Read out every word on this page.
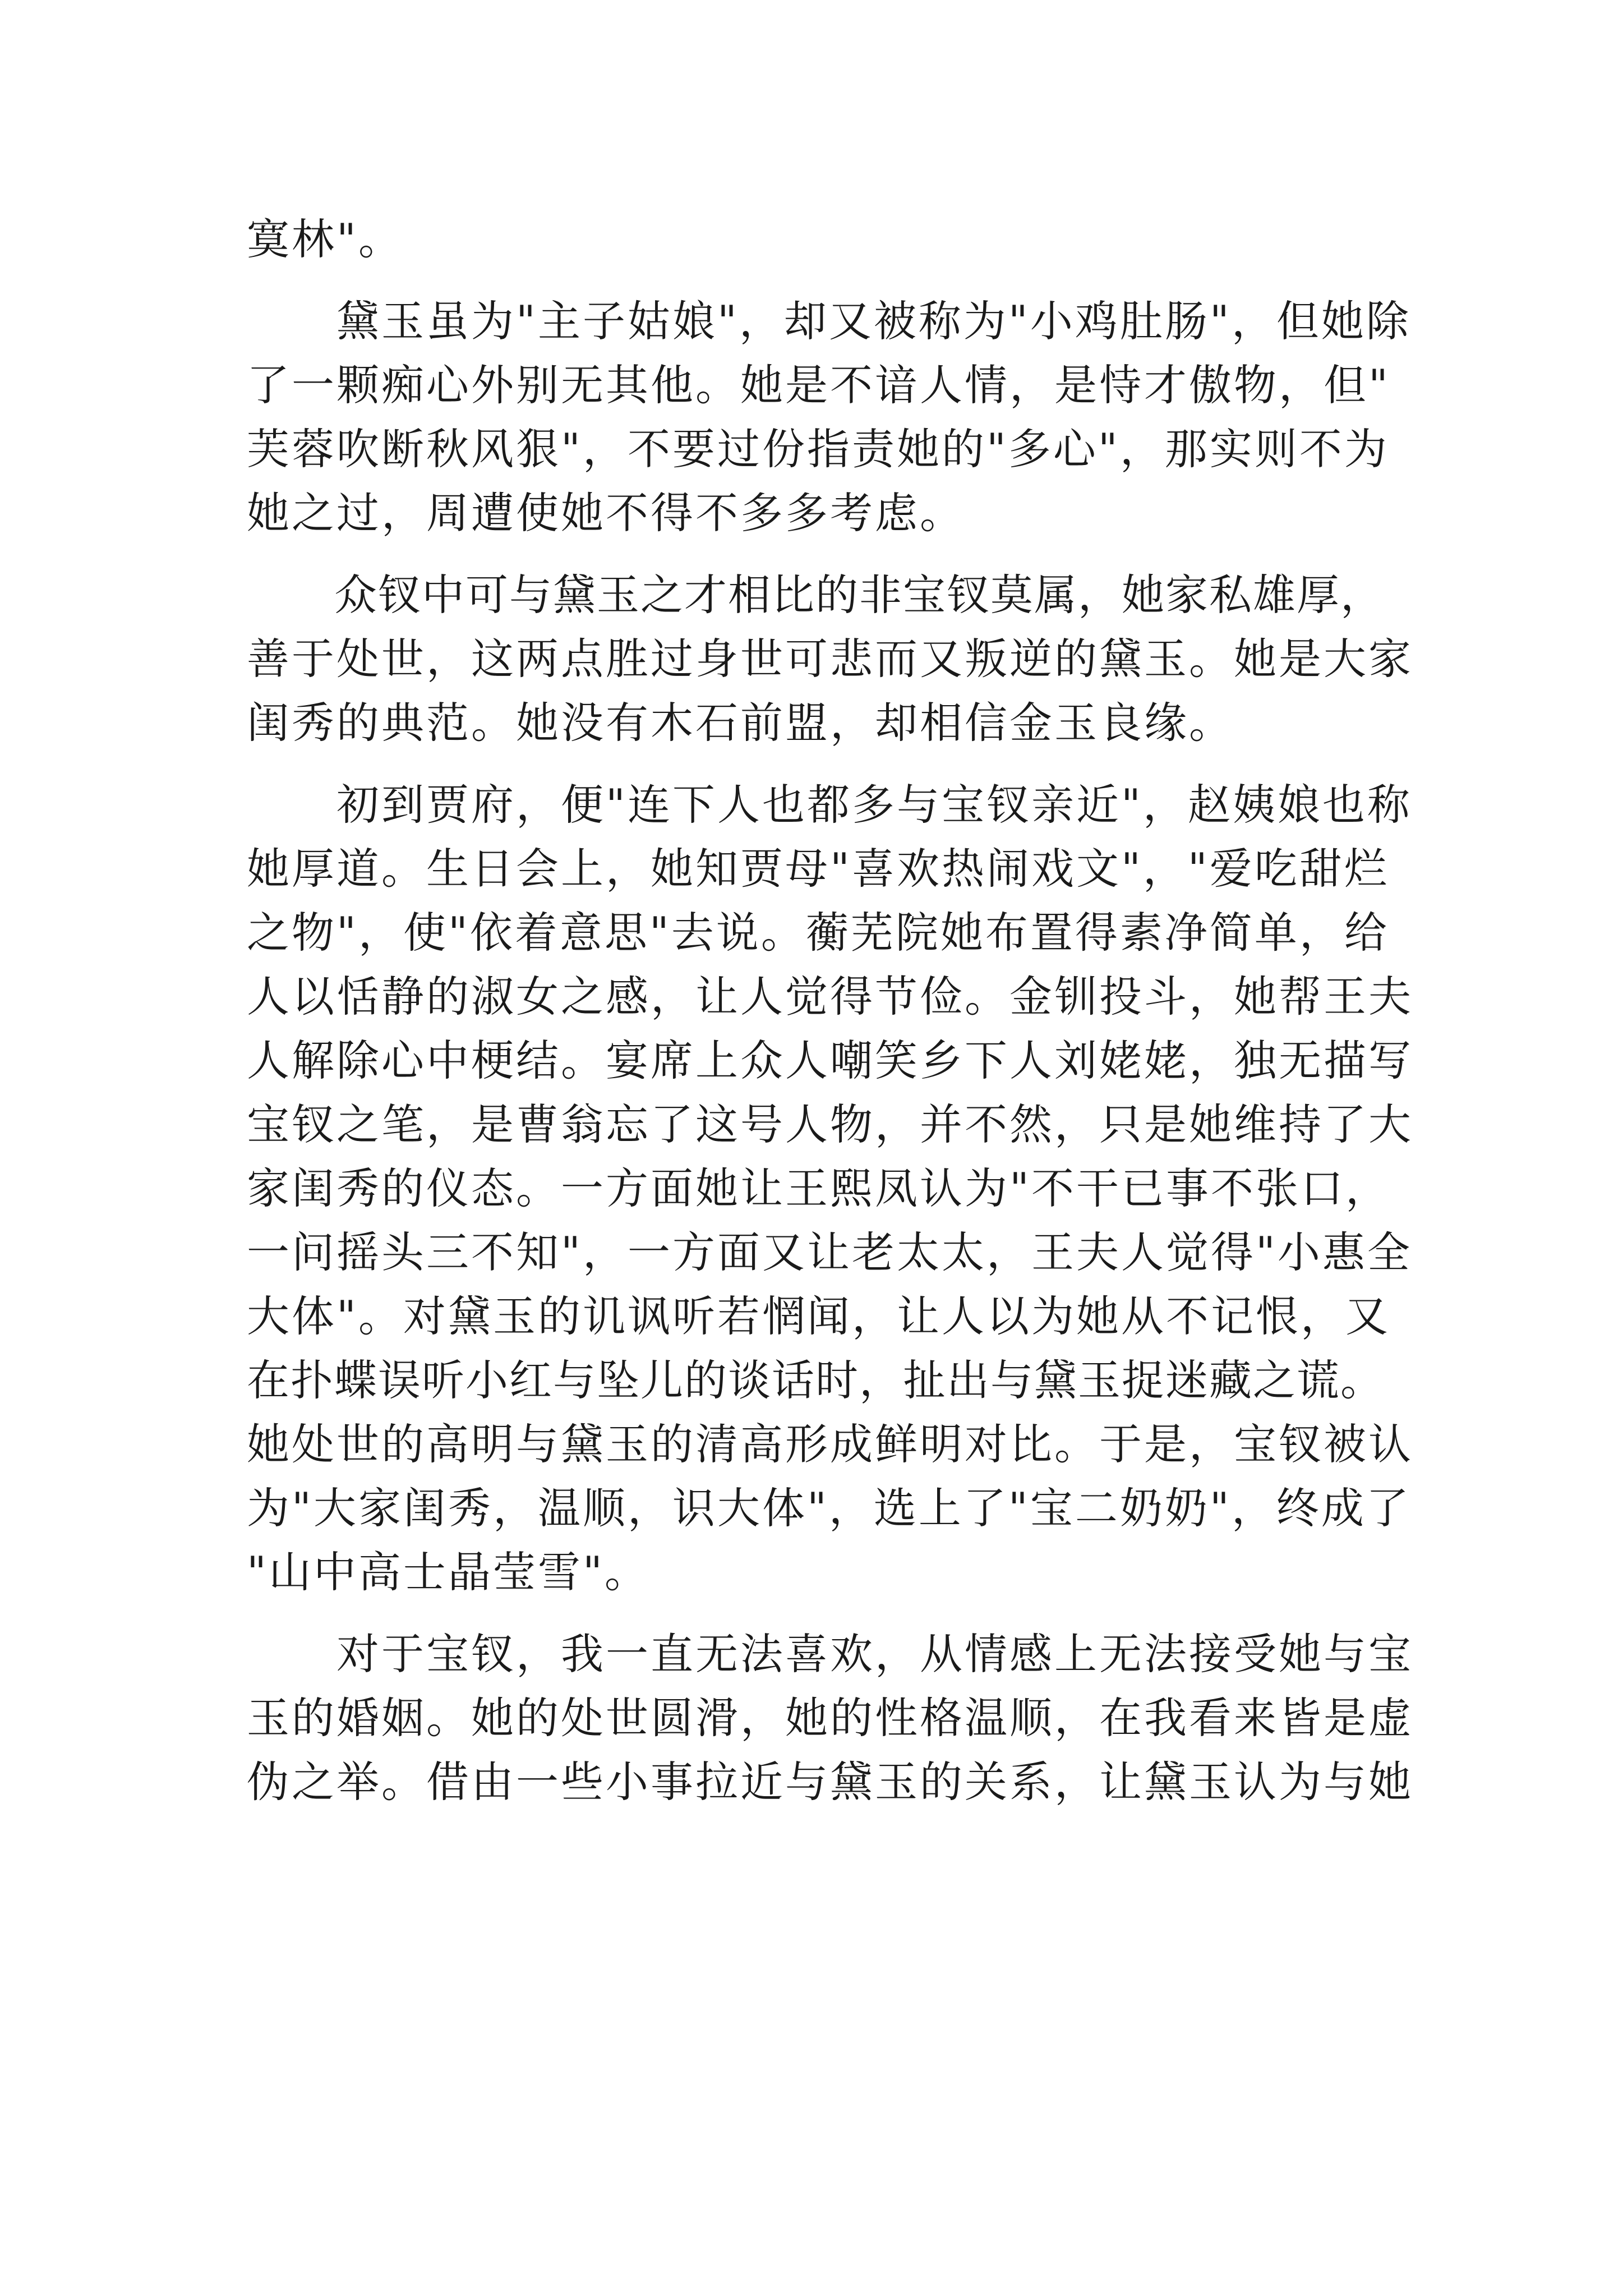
寞林"。
　　黛玉虽为"主子姑娘"，却又被称为"小鸡肚肠"，但她除
了一颗痴心外别无其他。她是不谙人情，是恃才傲物，但"
芙蓉吹断秋风狠"，不要过份指责她的"多心"，那实则不为
她之过，周遭使她不得不多多考虑。
　　众钗中可与黛玉之才相比的非宝钗莫属，她家私雄厚，
善于处世，这两点胜过身世可悲而又叛逆的黛玉。她是大家
闺秀的典范。她没有木石前盟，却相信金玉良缘。
　　初到贾府，便"连下人也都多与宝钗亲近"，赵姨娘也称
她厚道。生日会上，她知贾母"喜欢热闹戏文"，"爱吃甜烂
之物"，使"依着意思"去说。蘅芜院她布置得素净简单，给
人以恬静的淑女之感，让人觉得节俭。金钏投斗，她帮王夫
人解除心中梗结。宴席上众人嘲笑乡下人刘姥姥，独无描写
宝钗之笔，是曹翁忘了这号人物，并不然，只是她维持了大
家闺秀的仪态。一方面她让王熙凤认为"不干已事不张口，
一问摇头三不知"，一方面又让老太太，王夫人觉得"小惠全
大体"。对黛玉的讥讽听若惘闻，让人以为她从不记恨，又
在扑蝶误听小红与坠儿的谈话时，扯出与黛玉捉迷藏之谎。
她处世的高明与黛玉的清高形成鲜明对比。于是，宝钗被认
为"大家闺秀，温顺，识大体"，选上了"宝二奶奶"，终成了
"山中高士晶莹雪"。
　　对于宝钗，我一直无法喜欢，从情感上无法接受她与宝
玉的婚姻。她的处世圆滑，她的性格温顺，在我看来皆是虚
伪之举。借由一些小事拉近与黛玉的关系，让黛玉认为与她
